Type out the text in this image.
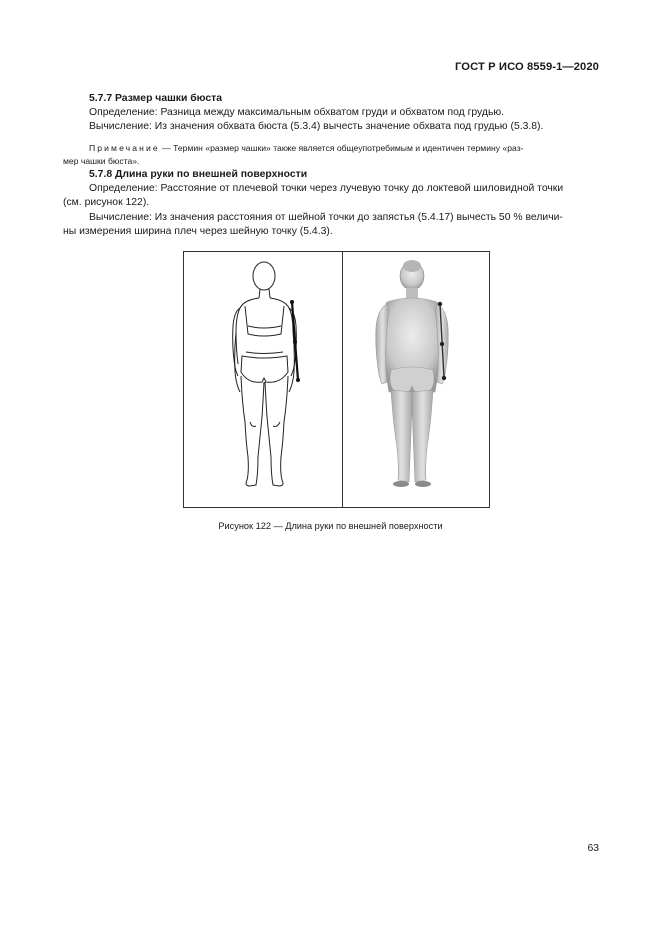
ГОСТ Р ИСО 8559-1—2020

5.7.7 Размер чашки бюста

Определение: Разница между максимальным обхватом груди и обхватом под грудью.

Вычисление: Из значения обхвата бюста (5.3.4) вычесть значение обхвата под грудью (5.3.8).

Примечание — Термин «размер чашки» также является общеупотребимым и идентичен термину «раз-

мер чашки бюста».

5.7.8 Длина руки по внешней поверхности

Определение: Расстояние от плечевой точки через лучевую точку до локтевой шиловидной точки

(см. рисунок 122).

Вычисление: Из значения расстояния от шейной точки до запястья (5.4.17) вычесть 50 % величи-

ны измерения ширина плеч через шейную точку (5.4.3).

Рисунок 122 — Длина руки по внешней поверхности
63
